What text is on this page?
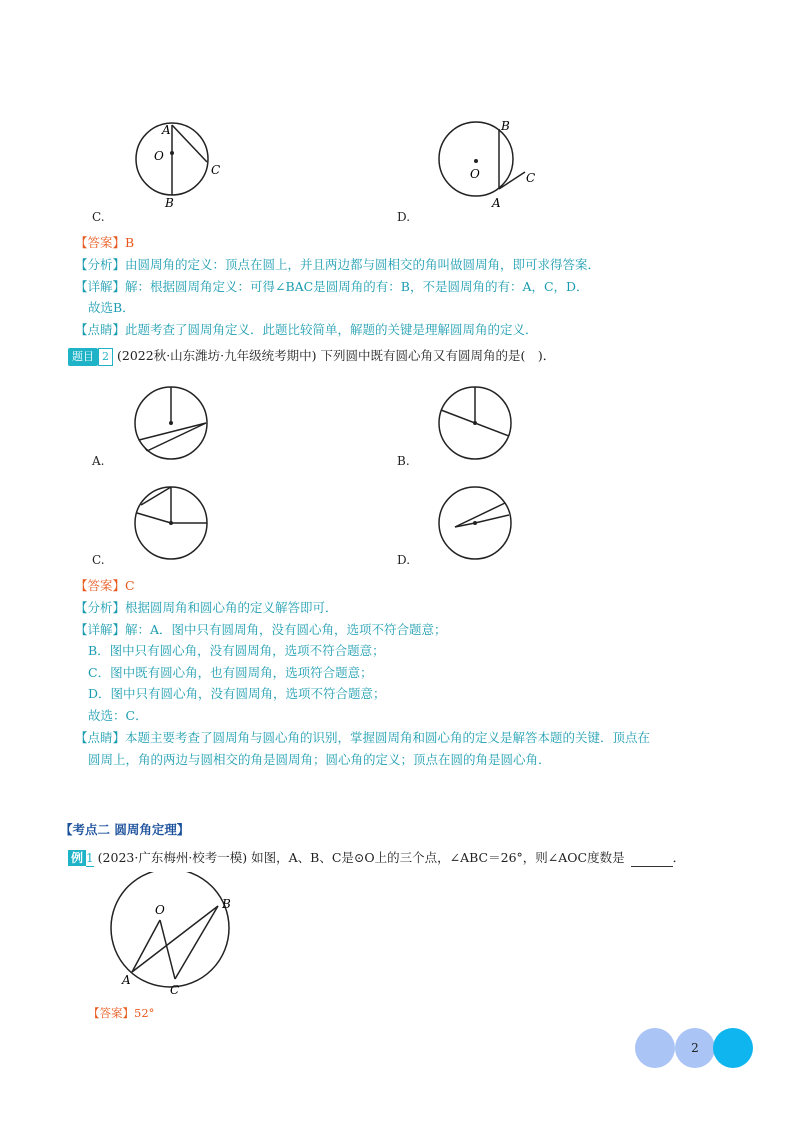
A
O
B
C
C.
B
O
A
C
D.
【答案】B
【分析】由圆周角的定义：顶点在圆上，并且两边都与圆相交的角叫做圆周角，即可求得答案．
【详解】解：根据圆周角定义：可得∠BAC是圆周角的有：B，不是圆周角的有：A，C，D．
故选B．
【点睛】此题考查了圆周角定义．此题比较简单，解题的关键是理解圆周角的定义．
题目 2 (2022秋·山东潍坊·九年级统考期中) 下列圆中既有圆心角又有圆周角的是(　)．
A.	B.
C.	D.
【答案】C
【分析】根据圆周角和圆心角的定义解答即可．
【详解】解：A．图中只有圆周角，没有圆心角，选项不符合题意；
B．图中只有圆心角，没有圆周角，选项不符合题意；
C．图中既有圆心角，也有圆周角，选项符合题意；
D．图中只有圆心角，没有圆周角，选项不符合题意；
故选：C．
【点睛】本题主要考查了圆周角与圆心角的识别，掌握圆周角和圆心角的定义是解答本题的关键．顶点在
圆周上，角的两边与圆相交的角是圆周角；圆心角的定义；顶点在圆的角是圆心角．
【考点二 圆周角定理】
例 1 (2023·广东梅州·校考一模) 如图，A、B、C是⊙O上的三个点，∠ABC＝26°，则∠AOC度数是	．
O
A
B
C
【答案】52°
2
